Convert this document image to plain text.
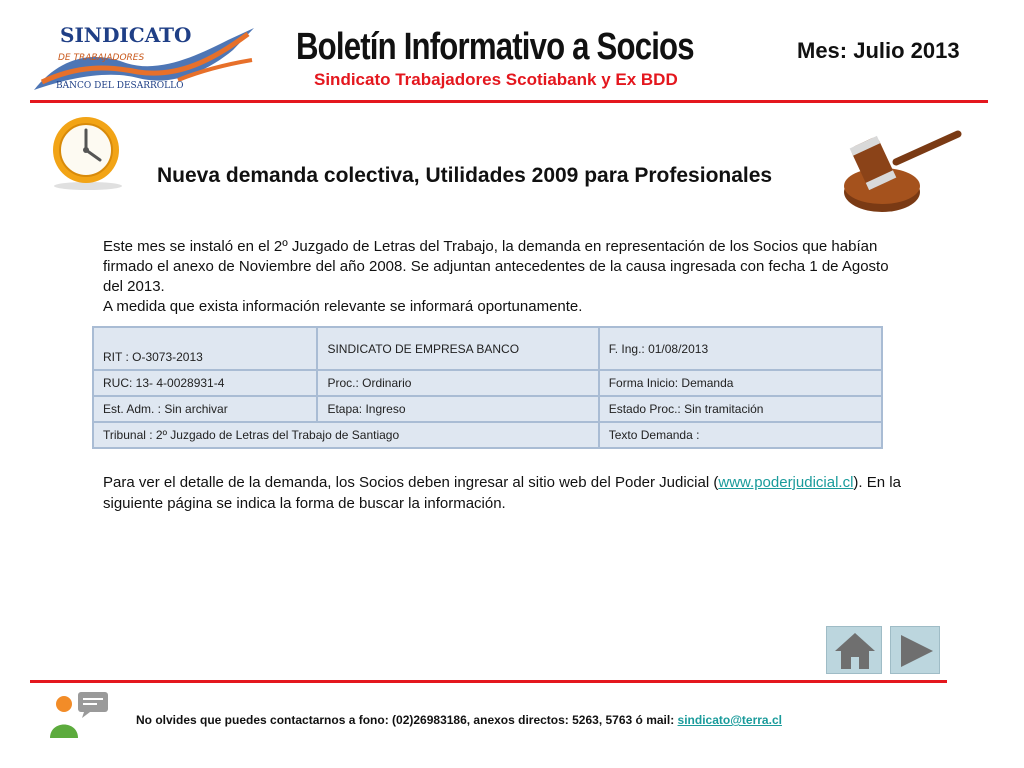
SINDICATO
DE TRABAJADORES
BANCO DEL DESARROLLO
Boletín Informativo a Socios
Sindicato Trabajadores Scotiabank y Ex BDD
Mes: Julio 2013
Nueva demanda colectiva, Utilidades 2009 para Profesionales
Este mes se instaló en el 2º Juzgado de Letras del Trabajo, la demanda en representación de los Socios que habían firmado el anexo de Noviembre del año 2008. Se adjuntan antecedentes de la causa ingresada con fecha 1 de Agosto del 2013.
A medida que exista información relevante se informará oportunamente.
RIT : O-3073-2013	SINDICATO DE EMPRESA BANCO	F. Ing.: 01/08/2013
RUC: 13- 4-0028931-4	Proc.: Ordinario	Forma Inicio: Demanda
Est. Adm. : Sin archivar	Etapa: Ingreso	Estado Proc.: Sin tramitación
Tribunal : 2º Juzgado de Letras del Trabajo de Santiago		Texto Demanda :
Para ver el detalle de la demanda, los Socios deben ingresar al sitio web del Poder Judicial (www.poderjudicial.cl). En la siguiente página se indica la forma de buscar la información.
No olvides que puedes contactarnos a fono: (02)26983186, anexos directos: 5263, 5763 ó mail: sindicato@terra.cl
